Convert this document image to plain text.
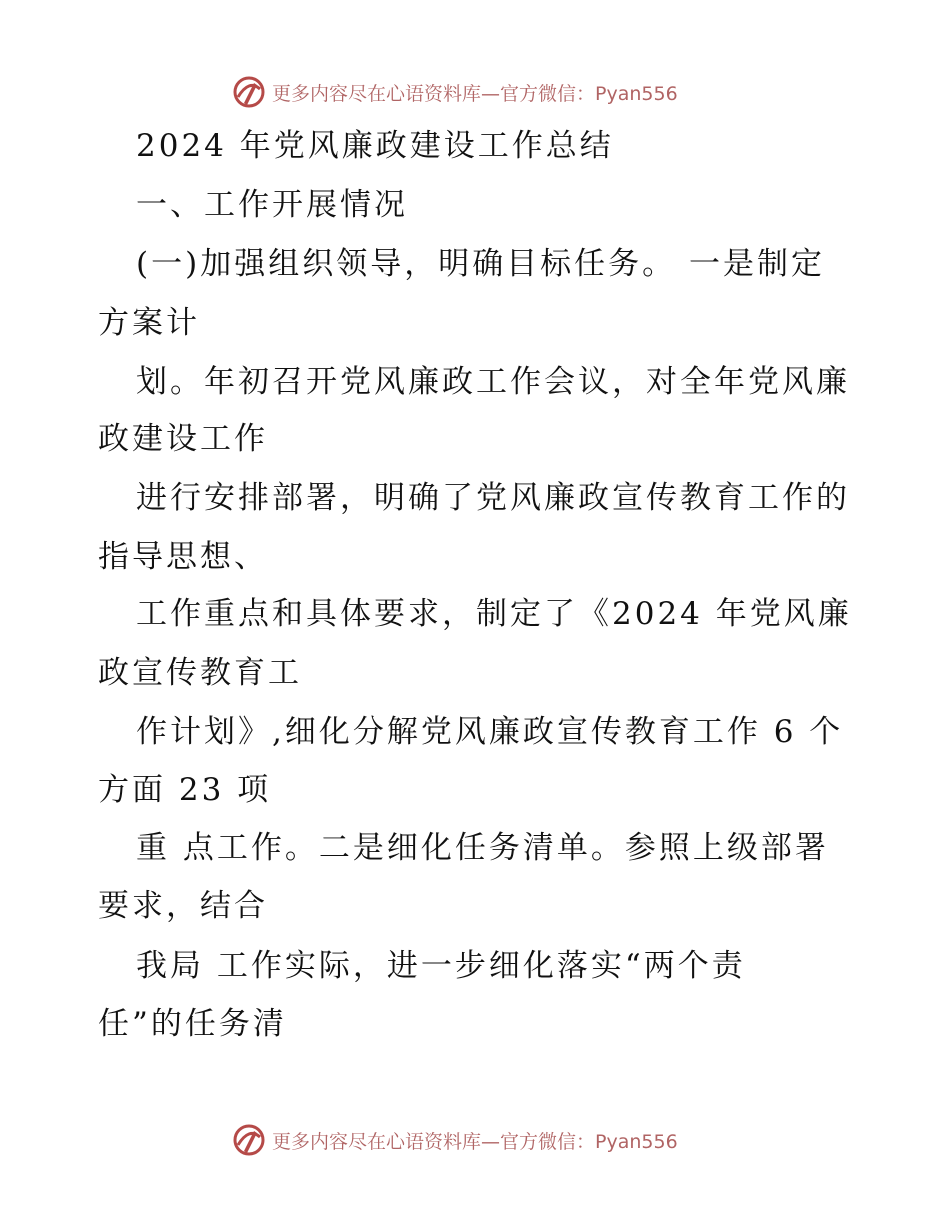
更多内容尽在心语资料库—官方微信：Pyan556
2024 年党风廉政建设工作总结
一、工作开展情况
(一)加强组织领导，明确目标任务。 一是制定
方案计
划。年初召开党风廉政工作会议，对全年党风廉
政建设工作
进行安排部署，明确了党风廉政宣传教育工作的
指导思想、
工作重点和具体要求，制定了《2024 年党风廉
政宣传教育工
作计划》,细化分解党风廉政宣传教育工作 6 个
方面 23 项
重 点工作。二是细化任务清单。参照上级部署
要求，结合
我局 工作实际，进一步细化落实“两个责
任”的任务清
更多内容尽在心语资料库—官方微信：Pyan556
